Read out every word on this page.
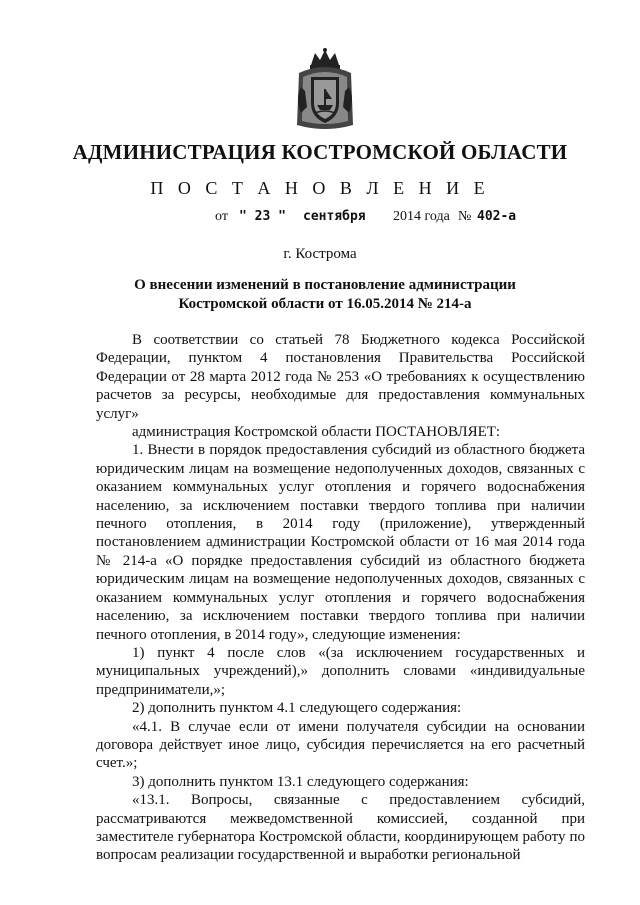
АДМИНИСТРАЦИЯ КОСТРОМСКОЙ ОБЛАСТИ
П О С Т А Н О В Л Е Н И Е
от " 23 " сентября 2014 года № 402-а
г. Кострома
О внесении изменений в постановление администрации
Костромской области от 16.05.2014 № 214-а

В соответствии со статьей 78 Бюджетного кодекса Российской Федерации, пунктом 4 постановления Правительства Российской Федерации от 28 марта 2012 года № 253 «О требованиях к осуществлению расчетов за ресурсы, необходимые для предоставления коммунальных услуг»

администрация Костромской области ПОСТАНОВЛЯЕТ:

1. Внести в порядок предоставления субсидий из областного бюджета юридическим лицам на возмещение недополученных доходов, связанных с оказанием коммунальных услуг отопления и горячего водоснабжения населению, за исключением поставки твердого топлива при наличии печного отопления, в 2014 году (приложение), утвержденный постановлением администрации Костромской области от 16 мая 2014 года № 214-а «О порядке предоставления субсидий из областного бюджета юридическим лицам на возмещение недополученных доходов, связанных с оказанием коммунальных услуг отопления и горячего водоснабжения населению, за исключением поставки твердого топлива при наличии печного отопления, в 2014 году», следующие изменения:

1) пункт 4 после слов «(за исключением государственных и муниципальных учреждений),» дополнить словами «индивидуальные предприниматели,»;

2) дополнить пунктом 4.1 следующего содержания:

«4.1. В случае если от имени получателя субсидии на основании договора действует иное лицо, субсидия перечисляется на его расчетный счет.»;

3) дополнить пунктом 13.1 следующего содержания:

«13.1. Вопросы, связанные с предоставлением субсидий, рассматриваются межведомственной комиссией, созданной при заместителе губернатора Костромской области, координирующем работу по вопросам реализации государственной и выработки региональной
